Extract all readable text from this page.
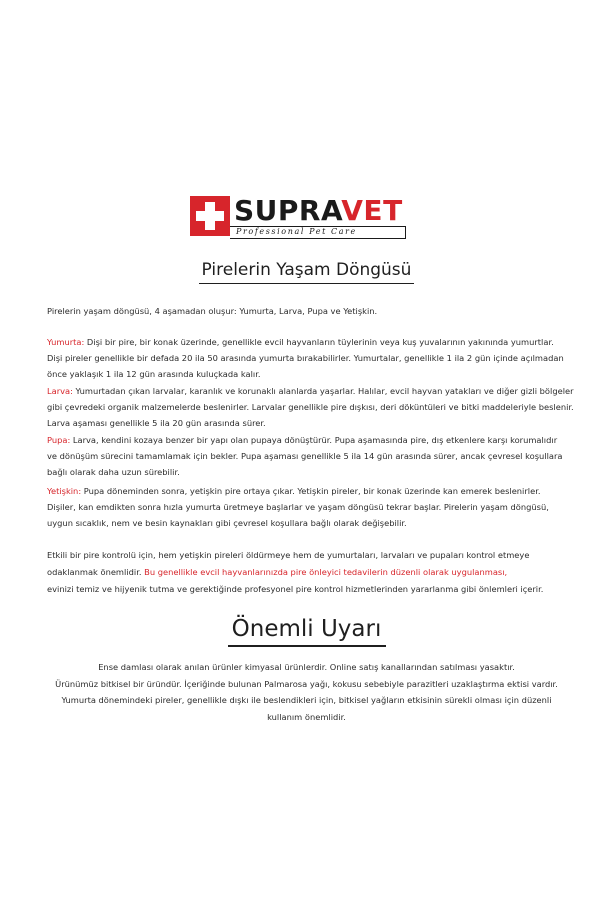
SUPRAVET
Professional Pet Care
Pirelerin Yaşam Döngüsü
Pirelerin yaşam döngüsü, 4 aşamadan oluşur: Yumurta, Larva, Pupa ve Yetişkin.
Yumurta: Dişi bir pire, bir konak üzerinde, genellikle evcil hayvanların tüylerinin veya kuş yuvalarının yakınında yumurtlar.
Dişi pireler genellikle bir defada 20 ila 50 arasında yumurta bırakabilirler. Yumurtalar, genellikle 1 ila 2 gün içinde açılmadan
önce yaklaşık 1 ila 12 gün arasında kuluçkada kalır.
Larva: Yumurtadan çıkan larvalar, karanlık ve korunaklı alanlarda yaşarlar. Halılar, evcil hayvan yatakları ve diğer gizli bölgeler
gibi çevredeki organik malzemelerde beslenirler. Larvalar genellikle pire dışkısı, deri döküntüleri ve bitki maddeleriyle beslenir.
Larva aşaması genellikle 5 ila 20 gün arasında sürer.
Pupa: Larva, kendini kozaya benzer bir yapı olan pupaya dönüştürür. Pupa aşamasında pire, dış etkenlere karşı korumalıdır
ve dönüşüm sürecini tamamlamak için bekler. Pupa aşaması genellikle 5 ila 14 gün arasında sürer, ancak çevresel koşullara
bağlı olarak daha uzun sürebilir.
Yetişkin: Pupa döneminden sonra, yetişkin pire ortaya çıkar. Yetişkin pireler, bir konak üzerinde kan emerek beslenirler.
Dişiler, kan emdikten sonra hızla yumurta üretmeye başlarlar ve yaşam döngüsü tekrar başlar. Pirelerin yaşam döngüsü,
uygun sıcaklık, nem ve besin kaynakları gibi çevresel koşullara bağlı olarak değişebilir.
Etkili bir pire kontrolü için, hem yetişkin pireleri öldürmeye hem de yumurtaları, larvaları ve pupaları kontrol etmeye
odaklanmak önemlidir. Bu genellikle evcil hayvanlarınızda pire önleyici tedavilerin düzenli olarak uygulanması,
evinizi temiz ve hijyenik tutma ve gerektiğinde profesyonel pire kontrol hizmetlerinden yararlanma gibi önlemleri içerir.
Önemli Uyarı
Ense damlası olarak anılan ürünler kimyasal ürünlerdir. Online satış kanallarından satılması yasaktır.
Ürünümüz bitkisel bir üründür. İçeriğinde bulunan Palmarosa yağı, kokusu sebebiyle parazitleri uzaklaştırma ektisi vardır.
Yumurta dönemindeki pireler, genellikle dışkı ile beslendikleri için, bitkisel yağların etkisinin sürekli olması için düzenli
kullanım önemlidir.
